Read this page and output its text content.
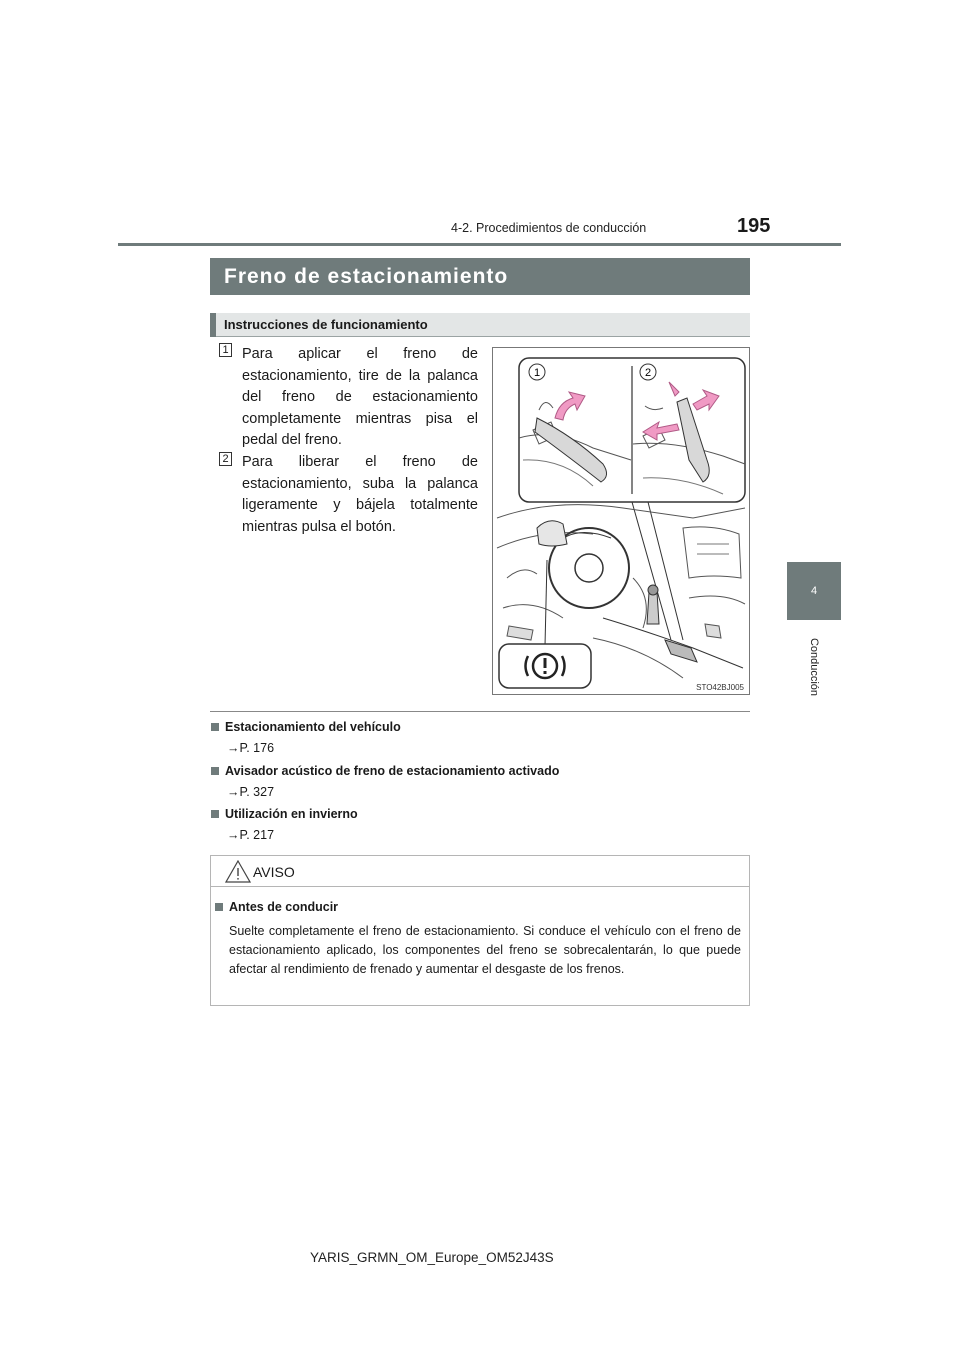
4-2. Procedimientos de conducción	195
4
Conducción
Freno de estacionamiento
Instrucciones de funcionamiento
1 Para aplicar el freno de estacionamiento, tire de la palanca del freno de estacionamiento completamente mientras pisa el pedal del freno.
2 Para liberar el freno de estacionamiento, suba la palanca ligeramente y bájela totalmente mientras pulsa el botón.
1	2
STO42BJ005
Estacionamiento del vehículo
→P. 176
Avisador acústico de freno de estacionamiento activado
→P. 327
Utilización en invierno
→P. 217
AVISO
Antes de conducir
Suelte completamente el freno de estacionamiento. Si conduce el vehículo con el freno de estacionamiento aplicado, los componentes del freno se sobrecalentarán, lo que puede afectar al rendimiento de frenado y aumentar el desgaste de los frenos.
YARIS_GRMN_OM_Europe_OM52J43S
